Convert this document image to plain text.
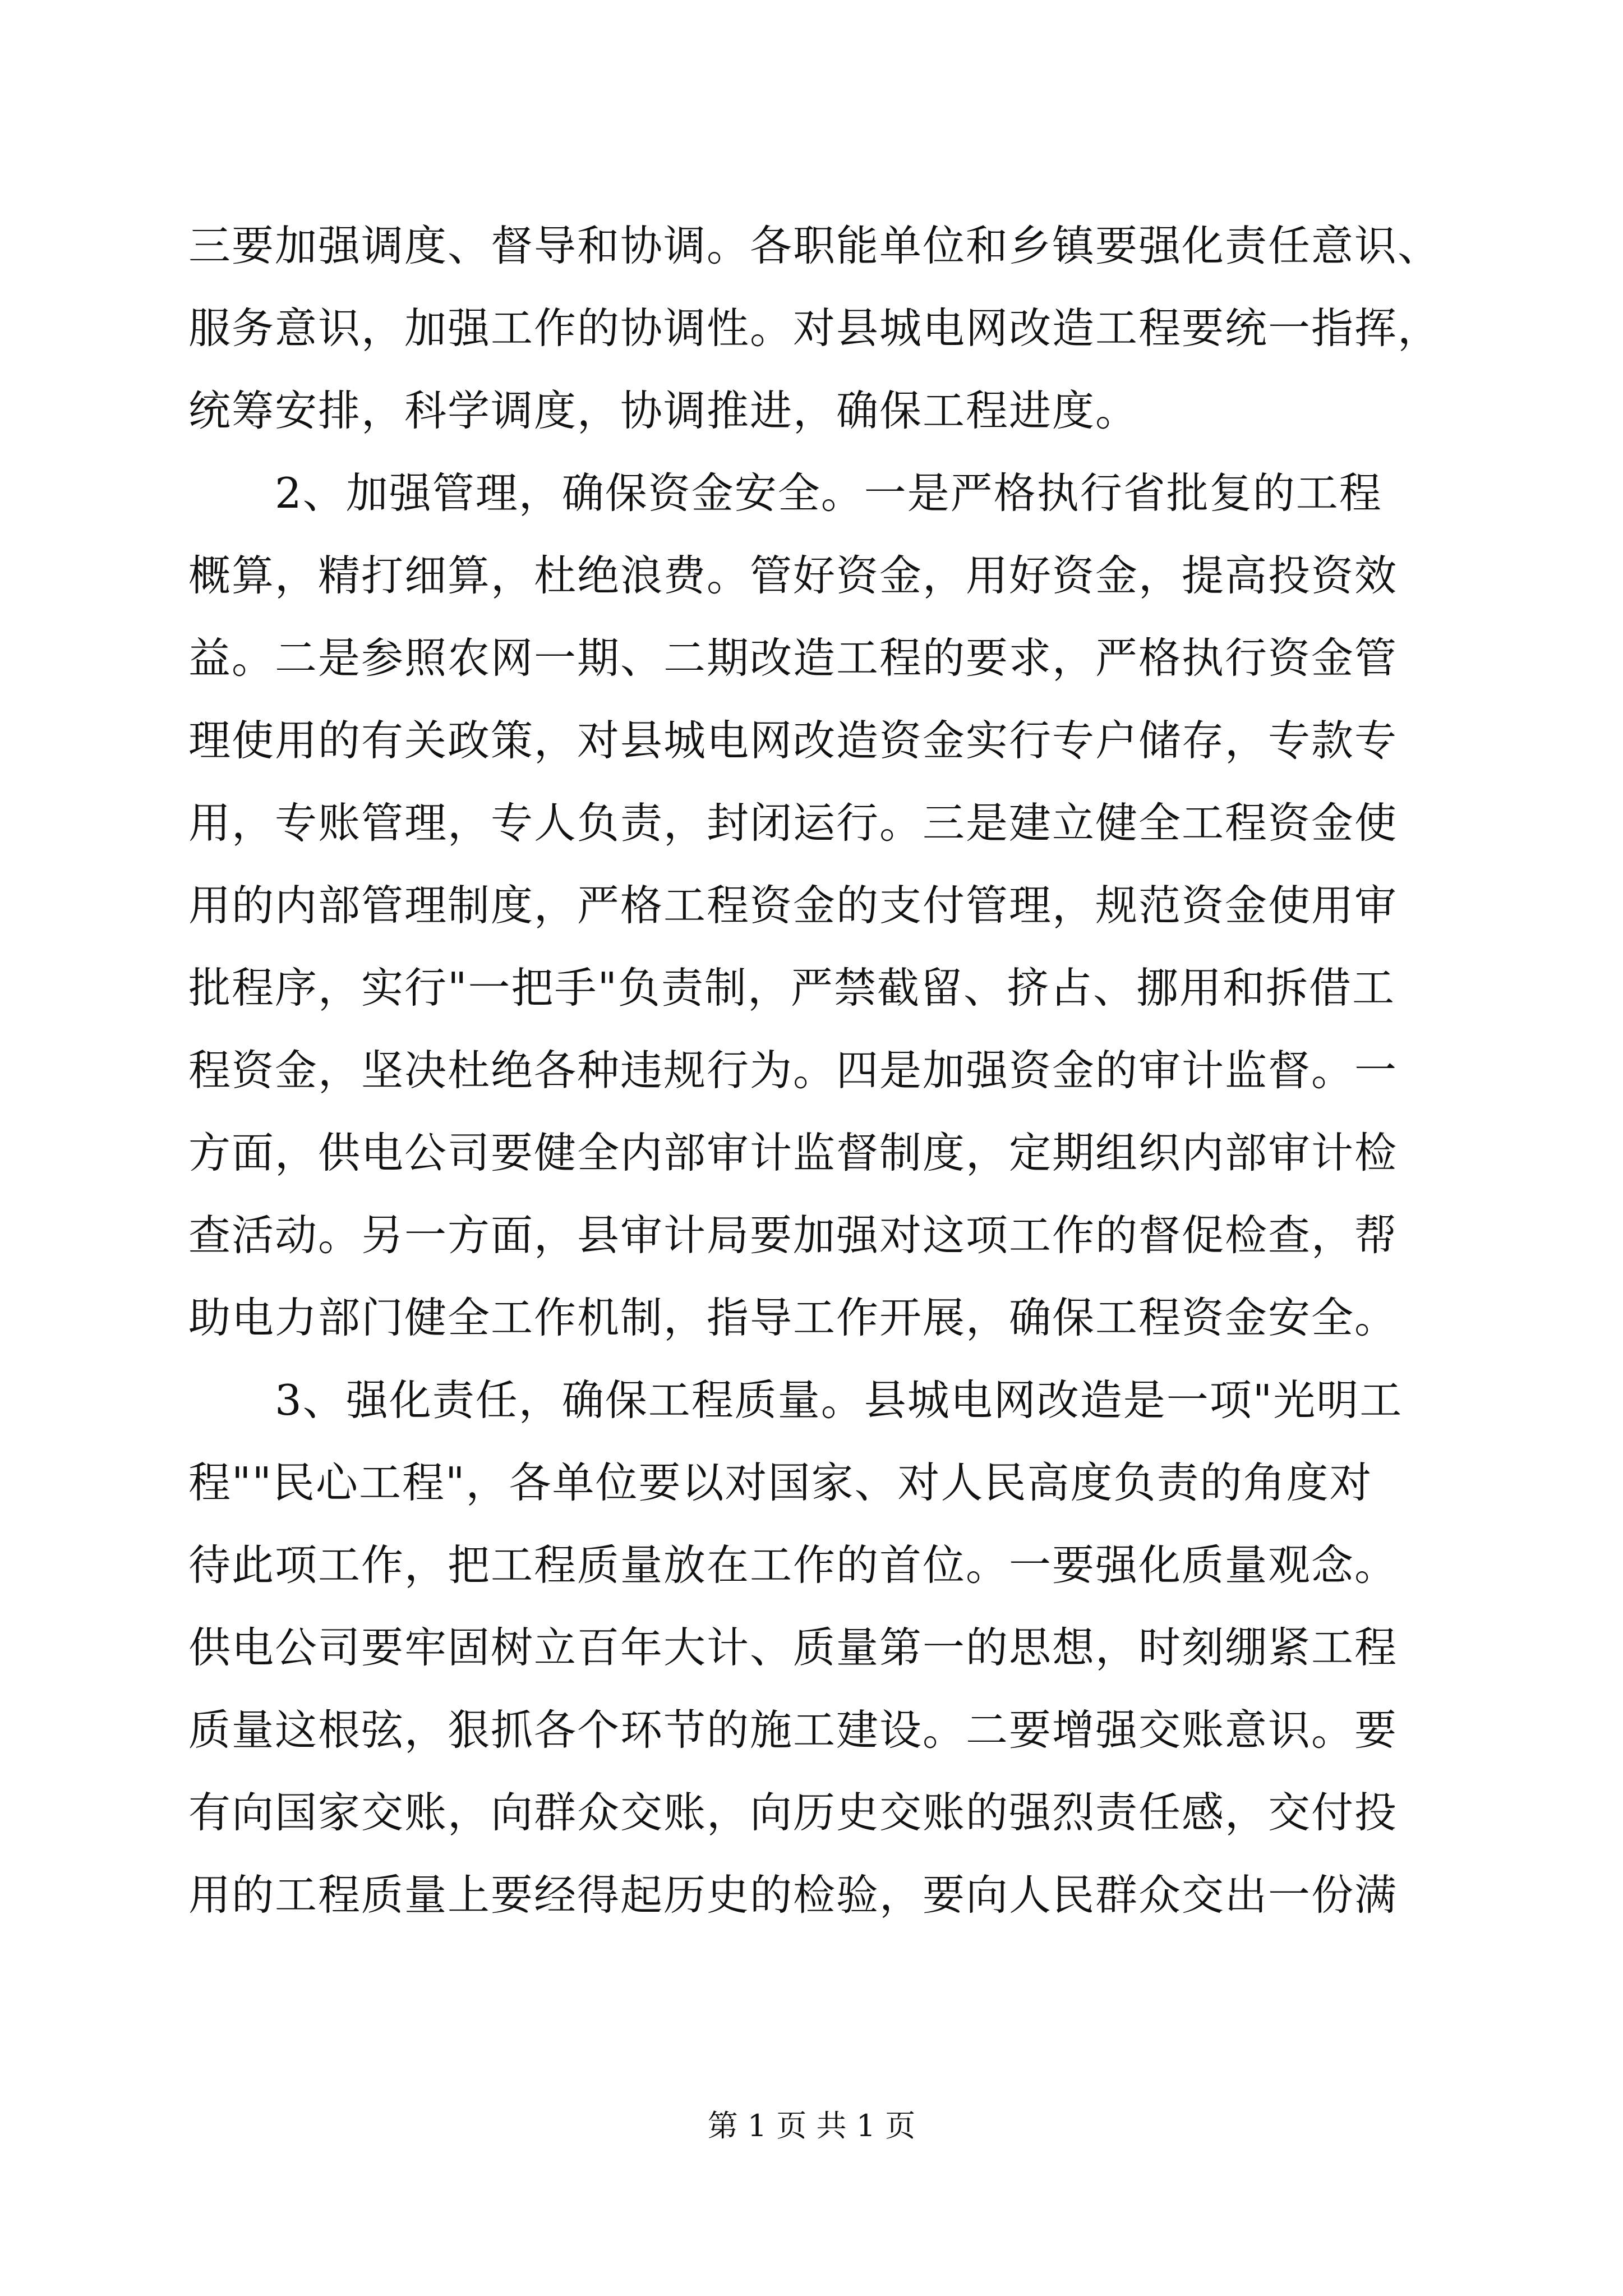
三要加强调度、督导和协调。各职能单位和乡镇要强化责任意识、
服务意识，加强工作的协调性。对县城电网改造工程要统一指挥，
统筹安排，科学调度，协调推进，确保工程进度。
　　2、加强管理，确保资金安全。一是严格执行省批复的工程
概算，精打细算，杜绝浪费。管好资金，用好资金，提高投资效
益。二是参照农网一期、二期改造工程的要求，严格执行资金管
理使用的有关政策，对县城电网改造资金实行专户储存，专款专
用，专账管理，专人负责，封闭运行。三是建立健全工程资金使
用的内部管理制度，严格工程资金的支付管理，规范资金使用审
批程序，实行"一把手"负责制，严禁截留、挤占、挪用和拆借工
程资金，坚决杜绝各种违规行为。四是加强资金的审计监督。一
方面，供电公司要健全内部审计监督制度，定期组织内部审计检
查活动。另一方面，县审计局要加强对这项工作的督促检查，帮
助电力部门健全工作机制，指导工作开展，确保工程资金安全。
　　3、强化责任，确保工程质量。县城电网改造是一项"光明工
程""民心工程"，各单位要以对国家、对人民高度负责的角度对
待此项工作，把工程质量放在工作的首位。一要强化质量观念。
供电公司要牢固树立百年大计、质量第一的思想，时刻绷紧工程
质量这根弦，狠抓各个环节的施工建设。二要增强交账意识。要
有向国家交账，向群众交账，向历史交账的强烈责任感，交付投
用的工程质量上要经得起历史的检验，要向人民群众交出一份满
第 1 页 共 1 页
